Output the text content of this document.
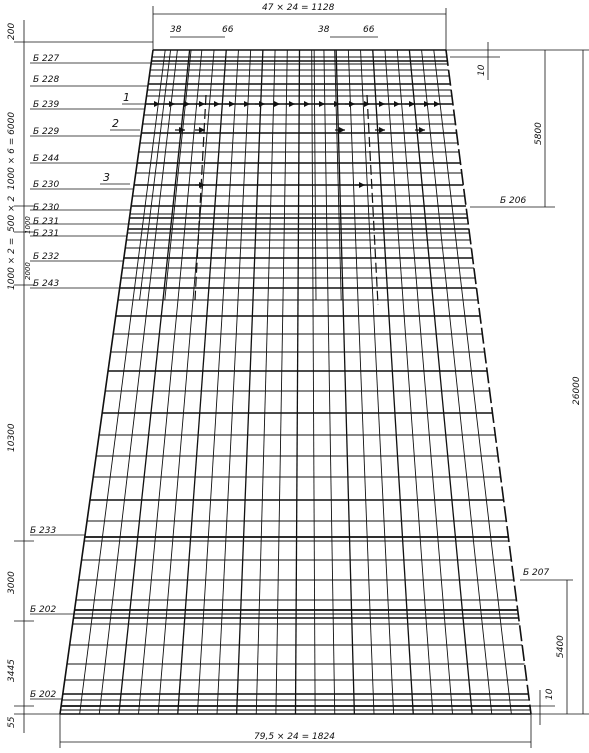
Б 227
Б 228
Б 239
Б 229
Б 244
Б 230
Б 230
Б 231
Б 231
Б 232
Б 243
Б 233
Б 202
Б 202
Б 206
Б 207
1
2
3
47 × 24 = 1128
38	66	38	66
79,5 × 24 = 1824
200
1000 × 6 = 6000
500 × 2 1000
1000 × 2 = 2000
10300
3000
3445
55
10
5800
26000
5400
10
